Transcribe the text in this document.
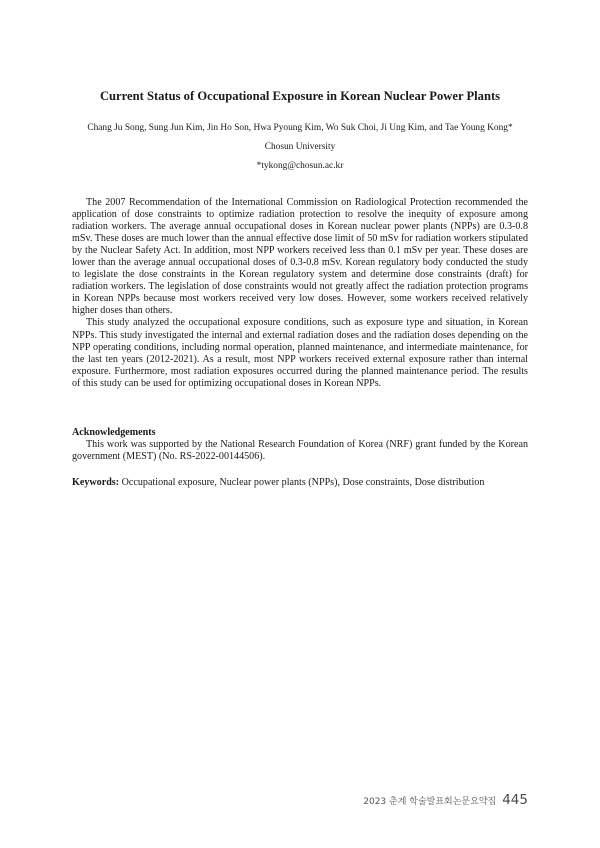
Current Status of Occupational Exposure in Korean Nuclear Power Plants
Chang Ju Song, Sung Jun Kim, Jin Ho Son, Hwa Pyoung Kim, Wo Suk Choi, Ji Ung Kim, and Tae Young Kong*
Chosun University
*tykong@chosun.ac.kr

The 2007 Recommendation of the International Commission on Radiological Protection recommended the application of dose constraints to optimize radiation protection to resolve the inequity of exposure among radiation workers. The average annual occupational doses in Korean nuclear power plants (NPPs) are 0.3-0.8 mSv. These doses are much lower than the annual effective dose limit of 50 mSv for radiation workers stipulated by the Nuclear Safety Act. In addition, most NPP workers received less than 0.1 mSv per year. These doses are lower than the average annual occupational doses of 0.3-0.8 mSv. Korean regulatory body conducted the study to legislate the dose constraints in the Korean regulatory system and determine dose constraints (draft) for radiation workers. The legislation of dose constraints would not greatly affect the radiation protection programs in Korean NPPs because most workers received very low doses. However, some workers received relatively higher doses than others.

This study analyzed the occupational exposure conditions, such as exposure type and situation, in Korean NPPs. This study investigated the internal and external radiation doses and the radiation doses depending on the NPP operating conditions, including normal operation, planned maintenance, and intermediate maintenance, for the last ten years (2012-2021). As a result, most NPP workers received external exposure rather than internal exposure. Furthermore, most radiation exposures occurred during the planned maintenance period. The results of this study can be used for optimizing occupational doses in Korean NPPs.

Acknowledgements

This work was supported by the National Research Foundation of Korea (NRF) grant funded by the Korean government (MEST) (No. RS-2022-00144506).

Keywords: Occupational exposure, Nuclear power plants (NPPs), Dose constraints, Dose distribution
2023 춘계 학술발표회논문요약집 445
